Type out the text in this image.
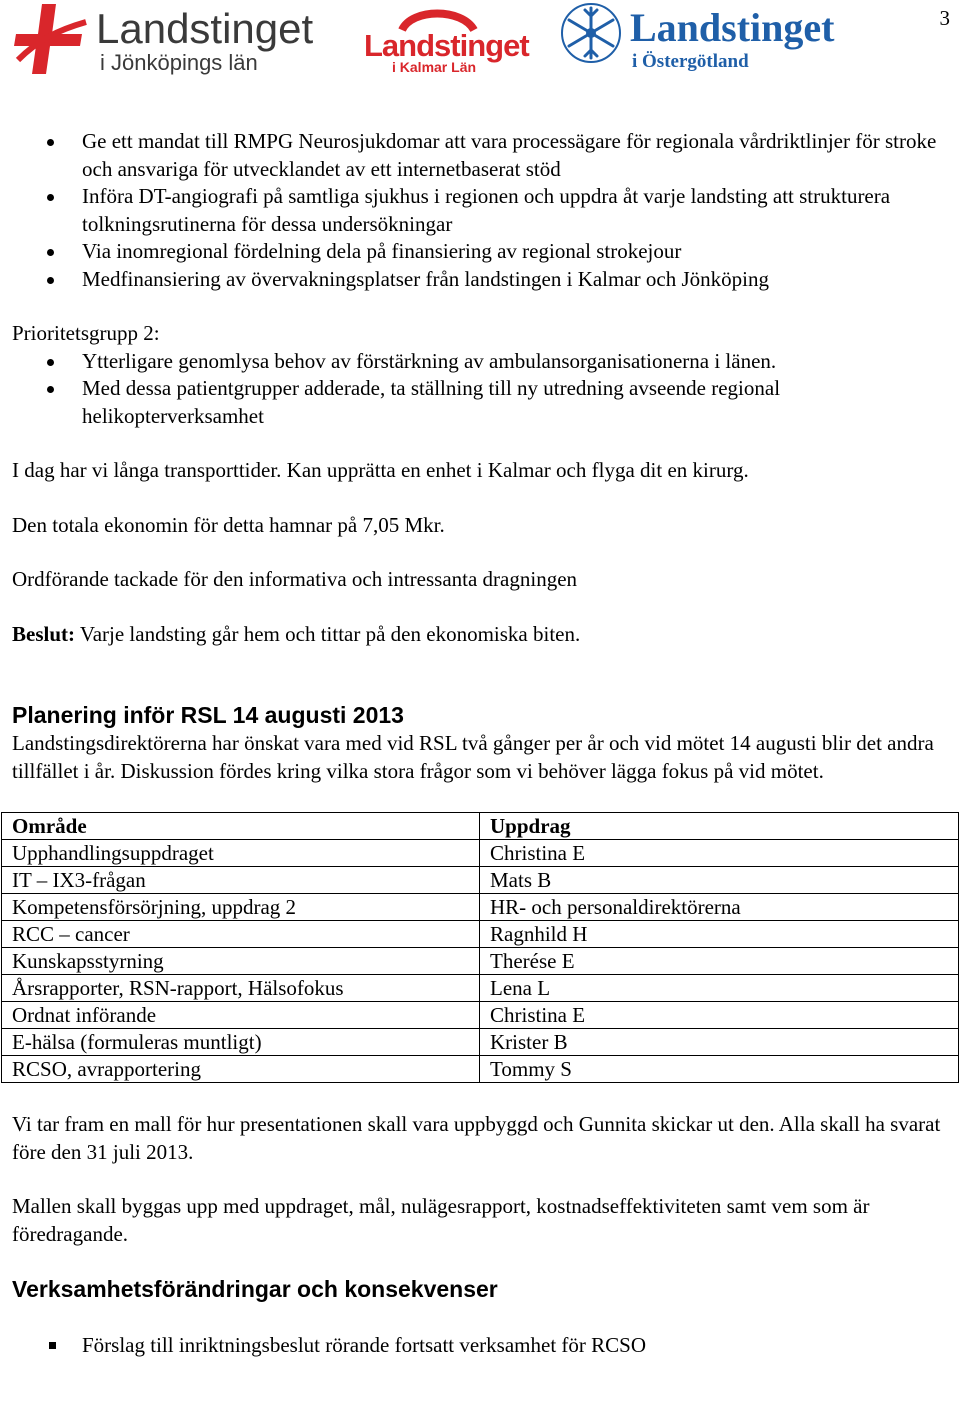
Landstinget
i Jönköpings län	Landstinget
i Kalmar Län
Landstinget
i Östergötland
3
Ge ett mandat till RMPG Neurosjukdomar att vara processägare för regionala vårdriktlinjer för stroke och ansvariga för utvecklandet av ett internetbaserat stöd
Införa DT-angiografi på samtliga sjukhus i regionen och uppdra åt varje landsting att strukturera tolkningsrutinerna för dessa undersökningar
Via inomregional fördelning dela på finansiering av regional strokejour
Medfinansiering av övervakningsplatser från landstingen i Kalmar och Jönköping

Prioritetsgrupp 2:

Ytterligare genomlysa behov av förstärkning av ambulansorganisationerna i länen.
Med dessa patientgrupper adderade, ta ställning till ny utredning avseende regional helikopterverksamhet

I dag har vi långa transporttider. Kan upprätta en enhet i Kalmar och flyga dit en kirurg.

Den totala ekonomin för detta hamnar på 7,05 Mkr.

Ordförande tackade för den informativa och intressanta dragningen

Beslut: Varje landsting går hem och tittar på den ekonomiska biten.

Planering inför RSL 14 augusti 2013

Landstingsdirektörerna har önskat vara med vid RSL två gånger per år och vid mötet 14 augusti blir det andra tillfället i år. Diskussion fördes kring vilka stora frågor som vi behöver lägga fokus på vid mötet.

Område	Uppdrag
Upphandlingsuppdraget	Christina E
IT – IX3-frågan	Mats B
Kompetensförsörjning, uppdrag 2	HR- och personaldirektörerna
RCC – cancer	Ragnhild H
Kunskapsstyrning	Therése E
Årsrapporter, RSN-rapport, Hälsofokus	Lena L
Ordnat införande	Christina E
E-hälsa (formuleras muntligt)	Krister B
RCSO, avrapportering	Tommy S

Vi tar fram en mall för hur presentationen skall vara uppbyggd och Gunnita skickar ut den. Alla skall ha svarat före den 31 juli 2013.

Mallen skall byggas upp med uppdraget, mål, nulägesrapport, kostnadseffektiviteten samt vem som är föredragande.

Verksamhetsförändringar och konsekvenser
Förslag till inriktningsbeslut rörande fortsatt verksamhet för RCSO
